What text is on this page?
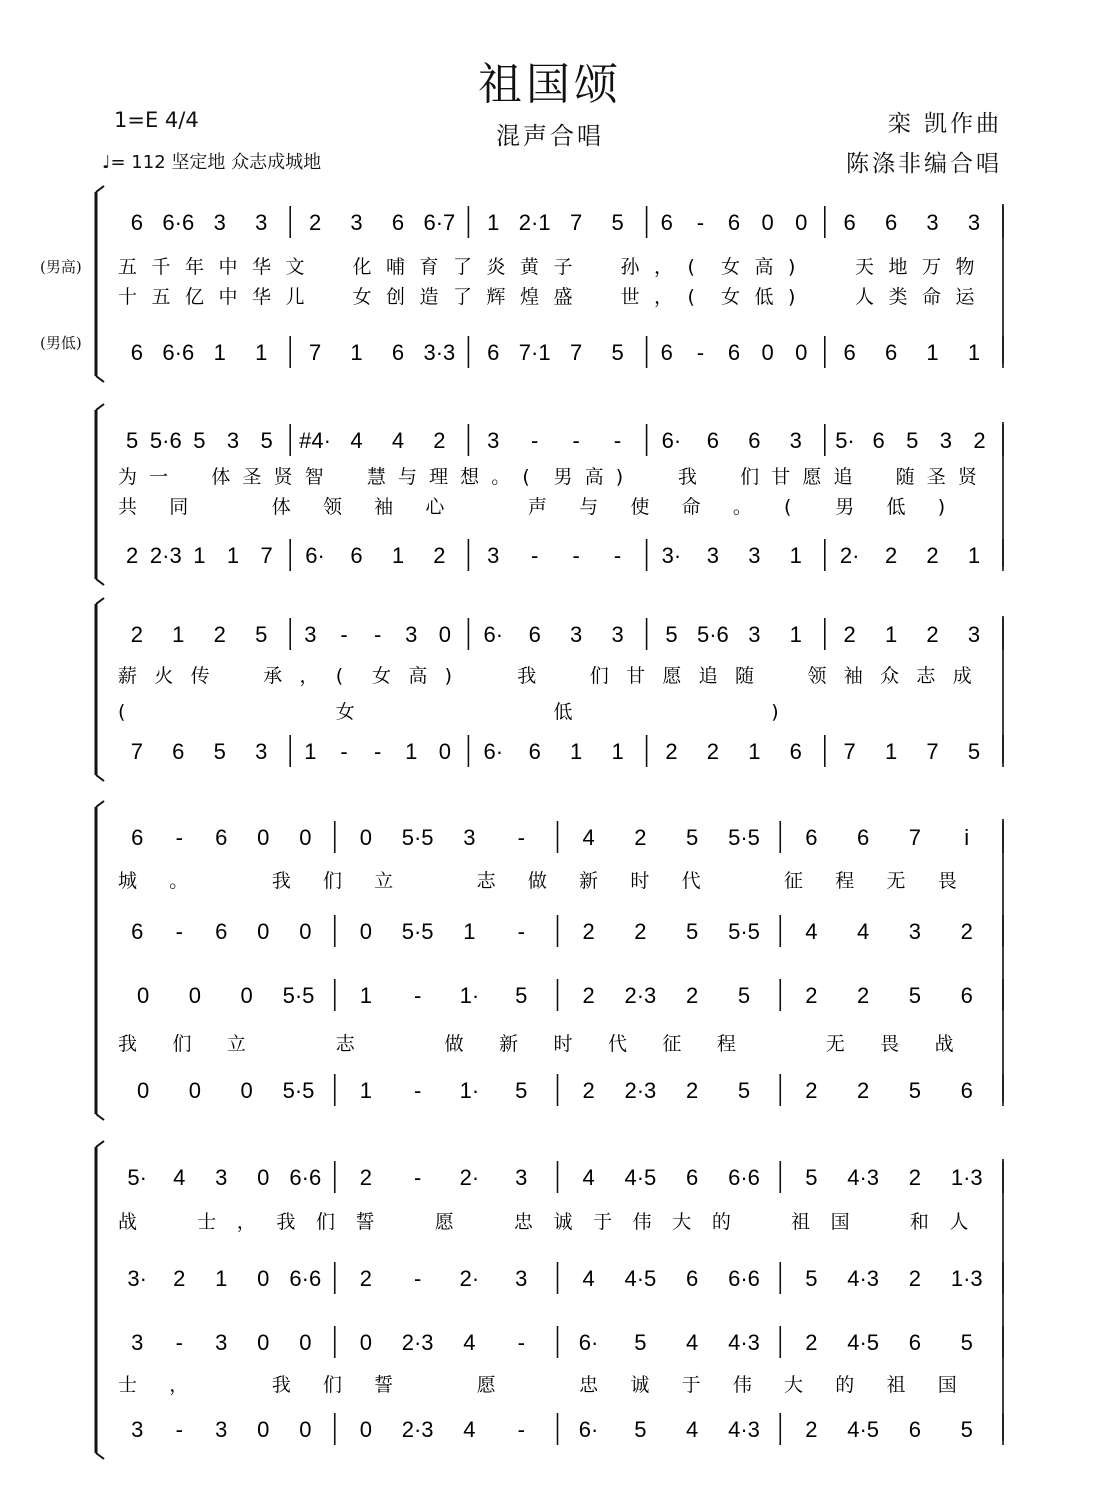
祖国颂
混声合唱
1=E 4/4
♩= 112 坚定地 众志成城地
栾 凯作曲
陈涤非编合唱
(男高)
(男低)
6 6·6 3 3 2 3 6 6·7 1 2·1 7 5 6 - 6 0 0 6 6 3 3
五 千 年 中 华 文	化 哺 育 了 炎 黄 子	孙 ， ( 女 高 )	天 地 万 物
十 五 亿 中 华 儿	女 创 造 了 辉 煌 盛	世 ， ( 女 低 )	人 类 命 运
6 6·6 1 1 7 1 6 3·3 6 7·1 7 5 6 - 6 0 0 6 6 1 1
5 5·6 5 3 5 #4· 4 4 2 3 - - - 6· 6 6 3 5· 6 5 3 2
为 一 体 圣 贤 智 慧 与 理 想 。 ( 男 高 )	我 们 甘 愿 追 随 圣 贤
共 同	体 领 袖 心	声 与 使 命 。 ( 男 低 )
2 2·3 1 1 7 6· 6 1 2 3 - - - 3· 3 3 1 2· 2 2 1
2 1 2 5 3 - - 3 0 6· 6 3 3 5 5·6 3 1 2 1 2 3
薪 火 传	承 ， ( 女 高 )	我	们 甘 愿 追 随	领 袖 众 志 成
(	女	低	)
7 6 5 3 1 - - 1 0 6· 6 1 1 2 2 1 6 7 1 7 5
6 - 6 0 0 0 5·5 3 -	4 2 5 5·5 6 6 7 i
城 。	我 们 立	志 做 新 时 代	征 程 无 畏
6 - 6 0 0 0 5·5 1 -	2 2 5 5·5 4 4 3 2
0 0 0 5·5 1 - 1· 5	2 2·3 2 5	2 2 5 6
我 们 立	志	做 新 时 代 征 程	无 畏 战
0 0 0 5·5 1 - 1· 5	2 2·3 2 5	2 2 5 6
5· 4 3 0 6·6 2 - 2· 3	4 4·5 6 6·6 5 4·3 2 1·3
战	士 ， 我 们 誓	愿	忠 诚 于 伟 大 的	祖 国	和 人
3· 2 1 0 6·6 2 - 2· 3	4 4·5 6 6·6 5 4·3 2 1·3
3 - 3 0 0 0 2·3 4 - 6· 5 4 4·3 2 4·5 6 5
士 ，	我 们 誓	愿	忠 诚 于 伟 大 的 祖 国
3 - 3 0 0 0 2·3 4 - 6· 5 4 4·3 2 4·5 6 5
